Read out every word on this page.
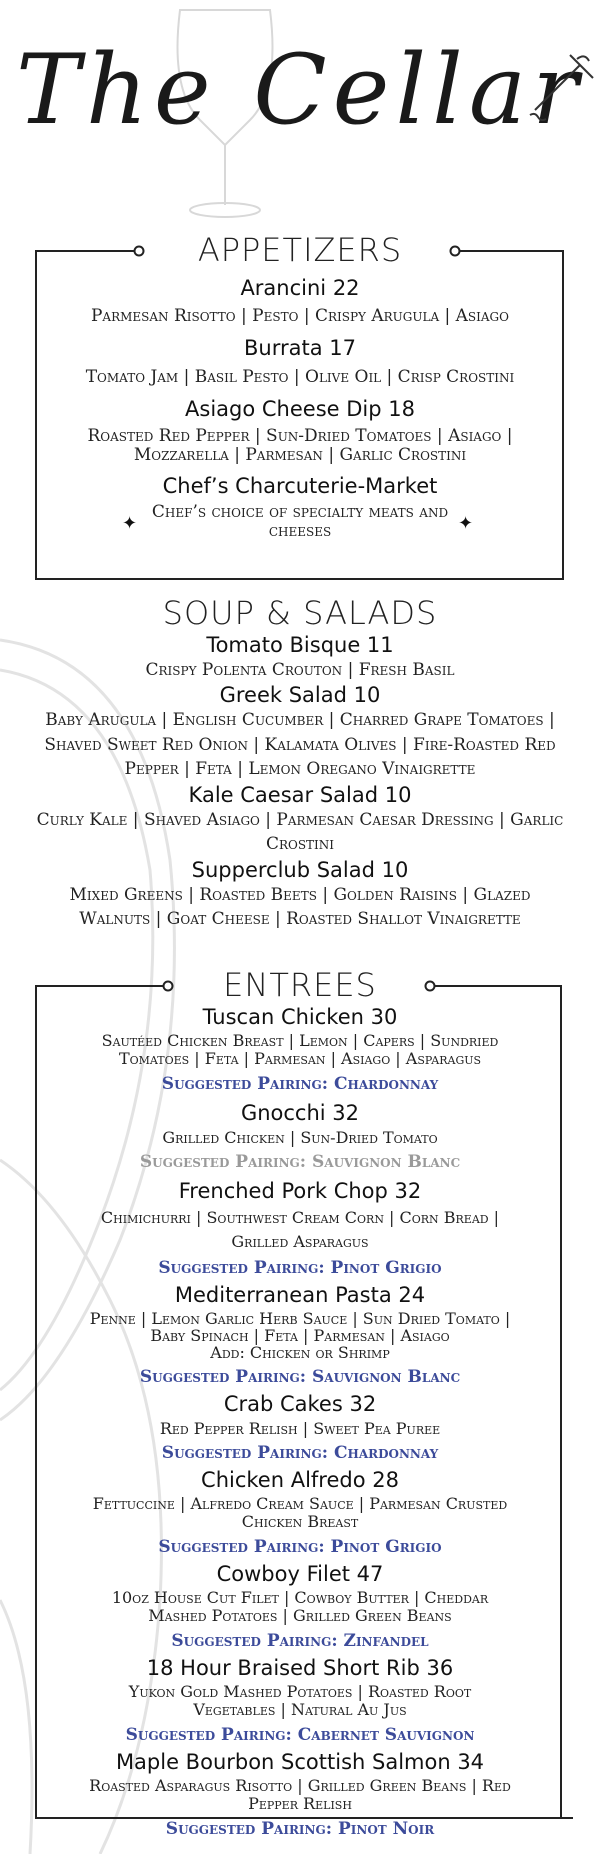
The Cellar
✦	✦
APPETIZERS

Arancini 22

Parmesan Risotto | Pesto | Crispy Arugula | Asiago

Burrata 17

Tomato Jam | Basil Pesto | Olive Oil | Crisp Crostini

Asiago Cheese Dip 18

Roasted Red Pepper | Sun-Dried Tomatoes | Asiago | Mozzarella | Parmesan | Garlic Crostini

Chef’s Charcuterie-Market

Chef’s choice of specialty meats and cheeses

SOUP & SALADS

Tomato Bisque 11

Crispy Polenta Crouton | Fresh Basil

Greek Salad 10

Baby Arugula | English Cucumber | Charred Grape Tomatoes | Shaved Sweet Red Onion | Kalamata Olives | Fire-Roasted Red Pepper | Feta | Lemon Oregano Vinaigrette

Kale Caesar Salad 10

Curly Kale | Shaved Asiago | Parmesan Caesar Dressing | Garlic Crostini

Supperclub Salad 10

Mixed Greens | Roasted Beets | Golden Raisins | Glazed Walnuts | Goat Cheese | Roasted Shallot Vinaigrette

ENTREES

Tuscan Chicken 30

Sautéed Chicken Breast | Lemon | Capers | Sundried Tomatoes | Feta | Parmesan | Asiago | Asparagus

Suggested Pairing: Chardonnay

Gnocchi 32

Grilled Chicken | Sun-Dried Tomato

Suggested Pairing: Sauvignon Blanc

Frenched Pork Chop 32

Chimichurri | Southwest Cream Corn | Corn Bread | Grilled Asparagus

Suggested Pairing: Pinot Grigio

Mediterranean Pasta 24

Penne | Lemon Garlic Herb Sauce | Sun Dried Tomato | Baby Spinach | Feta | Parmesan | Asiago

Add: Chicken or Shrimp

Suggested Pairing: Sauvignon Blanc

Crab Cakes 32

Red Pepper Relish | Sweet Pea Puree

Suggested Pairing: Chardonnay

Chicken Alfredo 28

Fettuccine | Alfredo Cream Sauce | Parmesan Crusted Chicken Breast

Suggested Pairing: Pinot Grigio

Cowboy Filet 47

10oz House Cut Filet | Cowboy Butter | Cheddar Mashed Potatoes | Grilled Green Beans

Suggested Pairing: Zinfandel

18 Hour Braised Short Rib 36

Yukon Gold Mashed Potatoes | Roasted Root Vegetables | Natural Au Jus

Suggested Pairing: Cabernet Sauvignon

Maple Bourbon Scottish Salmon 34

Roasted Asparagus Risotto | Grilled Green Beans | Red Pepper Relish

Suggested Pairing: Pinot Noir
